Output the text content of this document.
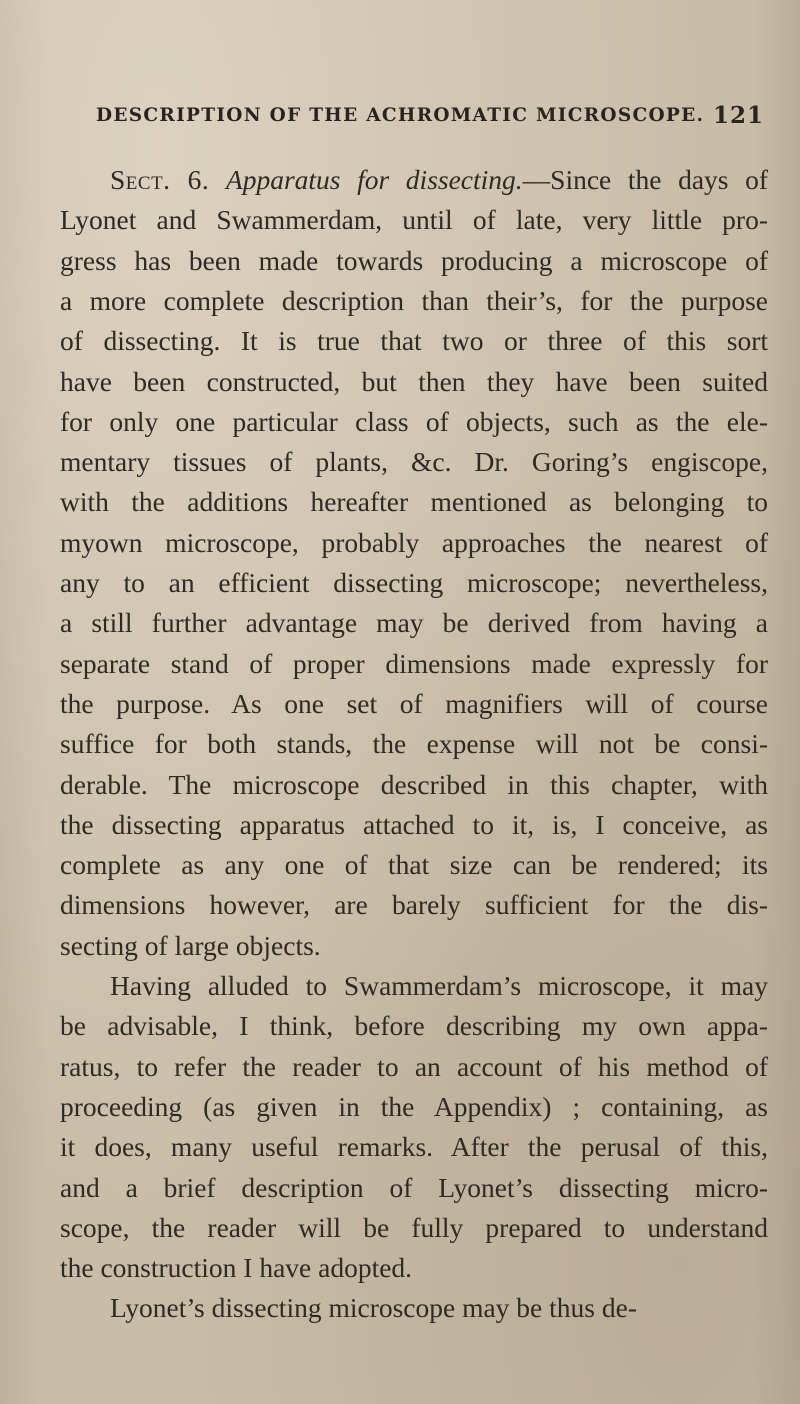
DESCRIPTION OF THE ACHROMATIC MICROSCOPE. 121
Sect. 6. Apparatus for dissecting.—Since the days of
Lyonet and Swammerdam, until of late, very little pro-
gress has been made towards producing a microscope of
a more complete description than their’s, for the purpose
of dissecting. It is true that two or three of this sort
have been constructed, but then they have been suited
for only one particular class of objects, such as the ele-
mentary tissues of plants, &c. Dr. Goring’s engiscope,
with the additions hereafter mentioned as belonging to
myown microscope, probably approaches the nearest of
any to an efficient dissecting microscope; nevertheless,
a still further advantage may be derived from having a
separate stand of proper dimensions made expressly for
the purpose. As one set of magnifiers will of course
suffice for both stands, the expense will not be consi-
derable. The microscope described in this chapter, with
the dissecting apparatus attached to it, is, I conceive, as
complete as any one of that size can be rendered; its
dimensions however, are barely sufficient for the dis-
secting of large objects.
Having alluded to Swammerdam’s microscope, it may
be advisable, I think, before describing my own appa-
ratus, to refer the reader to an account of his method of
proceeding (as given in the Appendix) ; containing, as
it does, many useful remarks. After the perusal of this,
and a brief description of Lyonet’s dissecting micro-
scope, the reader will be fully prepared to understand
the construction I have adopted.
Lyonet’s dissecting microscope may be thus de-
